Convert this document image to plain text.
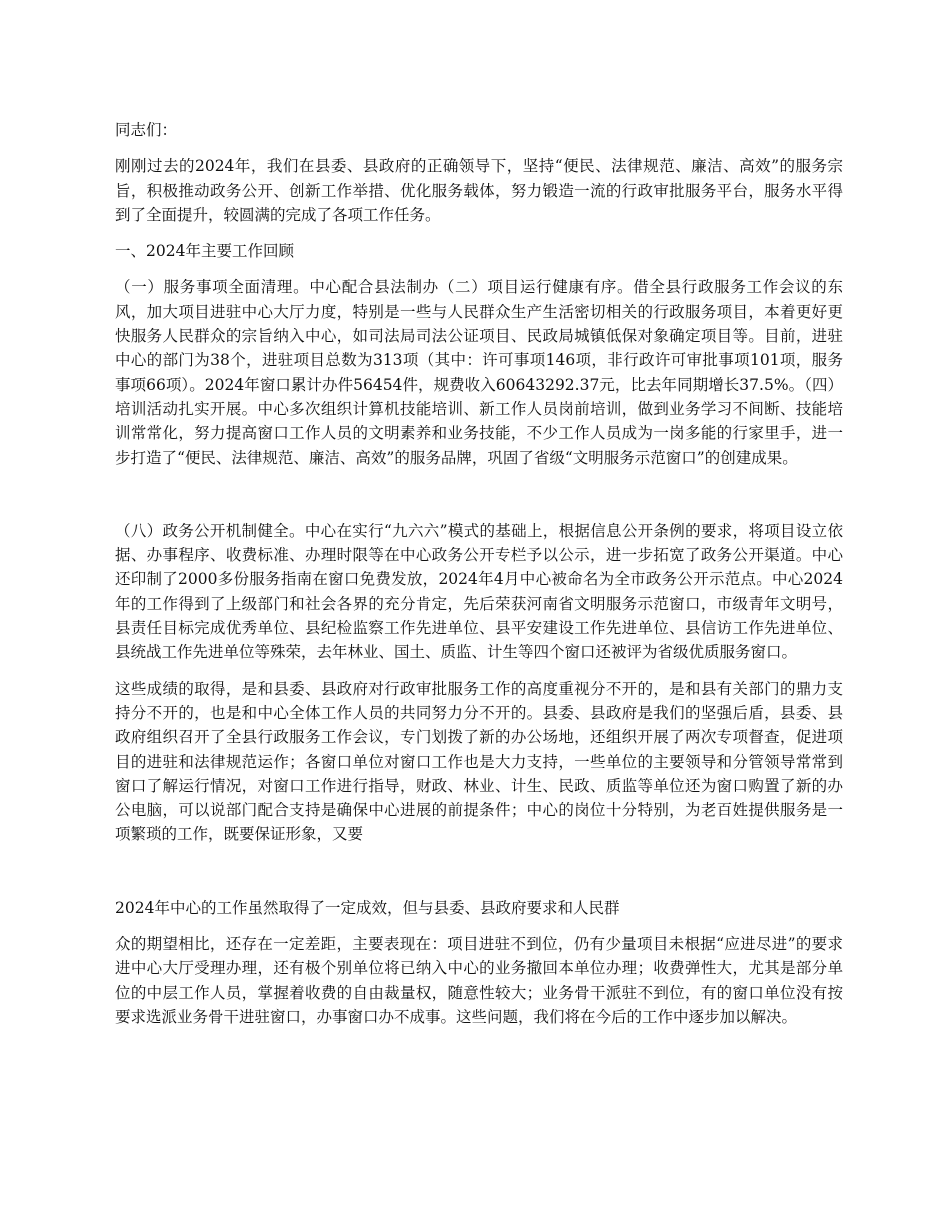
同志们：

刚刚过去的2024年，我们在县委、县政府的正确领导下，坚持“便民、法律规范、廉洁、高效”的服务宗旨，积极推动政务公开、创新工作举措、优化服务载体，努力锻造一流的行政审批服务平台，服务水平得到了全面提升，较圆满的完成了各项工作任务。

一、2024年主要工作回顾

（一）服务事项全面清理。中心配合县法制办（二）项目运行健康有序。借全县行政服务工作会议的东风，加大项目进驻中心大厅力度，特别是一些与人民群众生产生活密切相关的行政服务项目，本着更好更快服务人民群众的宗旨纳入中心，如司法局司法公证项目、民政局城镇低保对象确定项目等。目前，进驻中心的部门为38个，进驻项目总数为313项（其中：许可事项146项，非行政许可审批事项101项，服务事项66项）。2024年窗口累计办件56454件，规费收入60643292.37元，比去年同期增长37.5%。（四）培训活动扎实开展。中心多次组织计算机技能培训、新工作人员岗前培训，做到业务学习不间断、技能培训常常化，努力提高窗口工作人员的文明素养和业务技能，不少工作人员成为一岗多能的行家里手，进一步打造了“便民、法律规范、廉洁、高效”的服务品牌，巩固了省级“文明服务示范窗口”的创建成果。

（八）政务公开机制健全。中心在实行“九六六”模式的基础上，根据信息公开条例的要求，将项目设立依据、办事程序、收费标准、办理时限等在中心政务公开专栏予以公示，进一步拓宽了政务公开渠道。中心还印制了2000多份服务指南在窗口免费发放，2024年4月中心被命名为全市政务公开示范点。中心2024年的工作得到了上级部门和社会各界的充分肯定，先后荣获河南省文明服务示范窗口，市级青年文明号，县责任目标完成优秀单位、县纪检监察工作先进单位、县平安建设工作先进单位、县信访工作先进单位、县统战工作先进单位等殊荣，去年林业、国土、质监、计生等四个窗口还被评为省级优质服务窗口。

这些成绩的取得，是和县委、县政府对行政审批服务工作的高度重视分不开的，是和县有关部门的鼎力支持分不开的，也是和中心全体工作人员的共同努力分不开的。县委、县政府是我们的坚强后盾，县委、县政府组织召开了全县行政服务工作会议，专门划拨了新的办公场地，还组织开展了两次专项督查，促进项目的进驻和法律规范运作；各窗口单位对窗口工作也是大力支持，一些单位的主要领导和分管领导常常到窗口了解运行情况，对窗口工作进行指导，财政、林业、计生、民政、质监等单位还为窗口购置了新的办公电脑，可以说部门配合支持是确保中心进展的前提条件；中心的岗位十分特别，为老百姓提供服务是一项繁琐的工作，既要保证形象，又要

2024年中心的工作虽然取得了一定成效，但与县委、县政府要求和人民群

众的期望相比，还存在一定差距，主要表现在：项目进驻不到位，仍有少量项目未根据“应进尽进”的要求进中心大厅受理办理，还有极个别单位将已纳入中心的业务撤回本单位办理；收费弹性大，尤其是部分单位的中层工作人员，掌握着收费的自由裁量权，随意性较大；业务骨干派驻不到位，有的窗口单位没有按要求选派业务骨干进驻窗口，办事窗口办不成事。这些问题，我们将在今后的工作中逐步加以解决。
